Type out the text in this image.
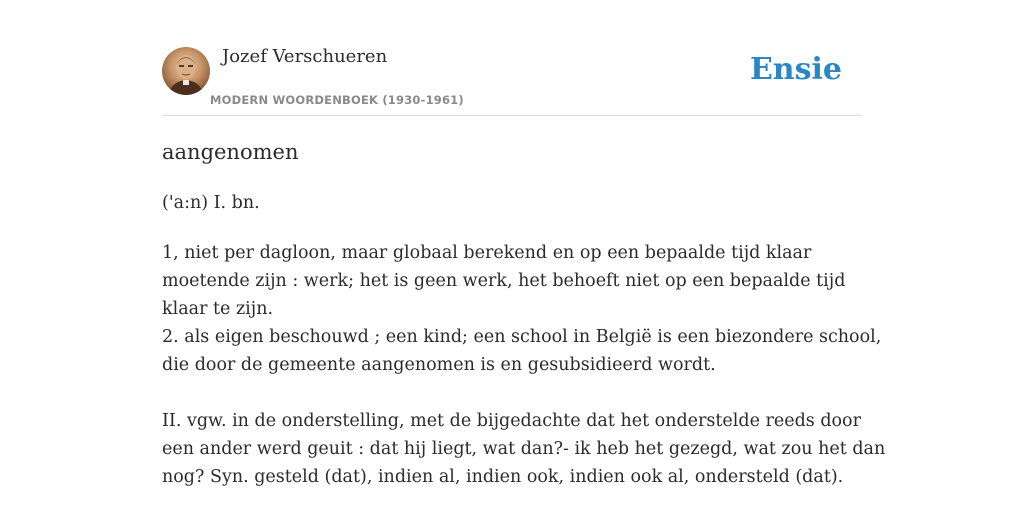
Jozef Verschueren
MODERN WOORDENBOEK (1930-1961)
Ensie
aangenomen
('a:n) I. bn.
1, niet per dagloon, maar globaal berekend en op een bepaalde tijd klaar
moetende zijn : werk; het is geen werk, het behoeft niet op een bepaalde tijd
klaar te zijn.
2. als eigen beschouwd ; een kind; een school in België is een biezondere school,
die door de gemeente aangenomen is en gesubsidieerd wordt.
II. vgw. in de onderstelling, met de bijgedachte dat het onderstelde reeds door
een ander werd geuit : dat hij liegt, wat dan?- ik heb het gezegd, wat zou het dan
nog? Syn. gesteld (dat), indien al, indien ook, indien ook al, ondersteld (dat).
